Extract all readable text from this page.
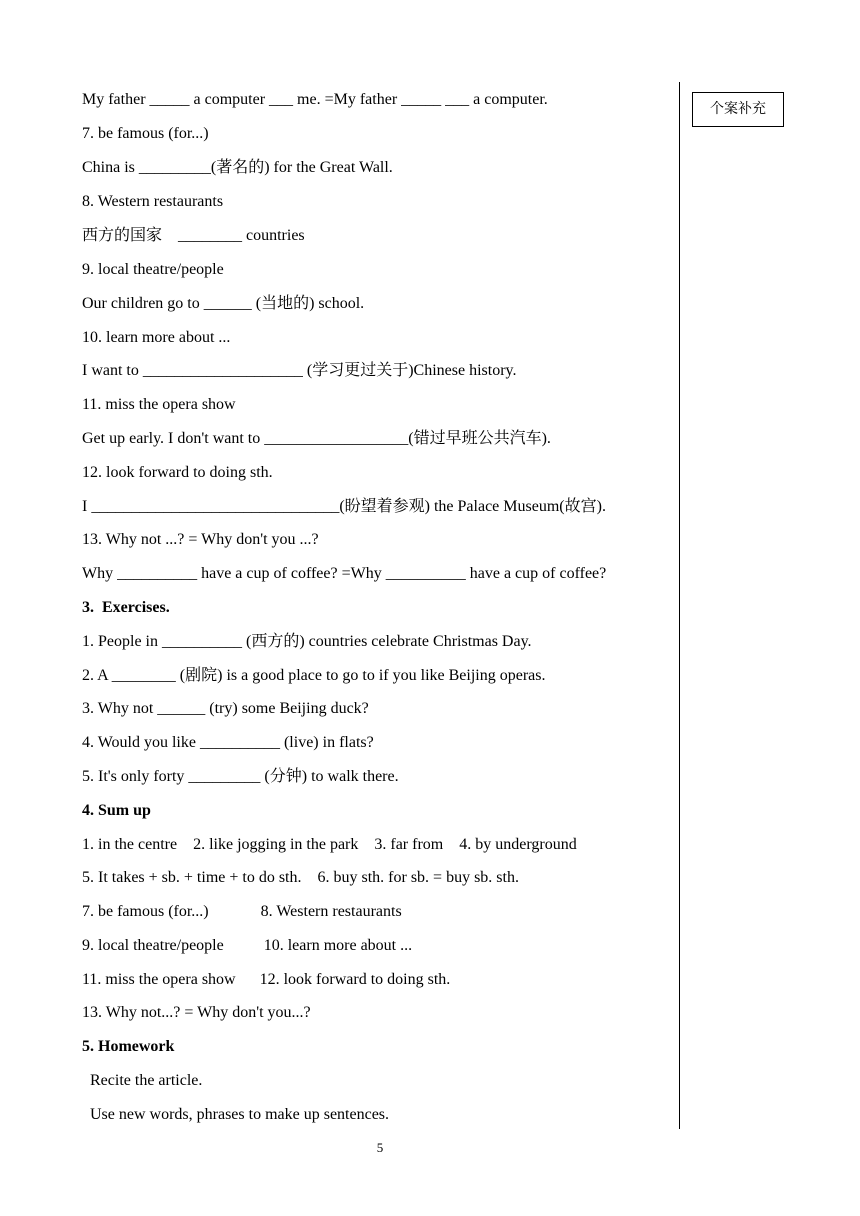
My father _____ a computer ___ me. =My father _____ ___ a computer.
7. be famous (for...)
China is _________(著名的) for the Great Wall.
8. Western restaurants
西方的国家    ________ countries
9. local theatre/people
Our children go to ______ (当地的) school.
10. learn more about ...
I want to ____________________ (学习更过关于)Chinese history.
11. miss the opera show
Get up early. I don't want to __________________(错过早班公共汽车).
12. look forward to doing sth.
I _______________________________(盼望着参观) the Palace Museum(故宫).
13. Why not ...? = Why don't you ...?
Why __________ have a cup of coffee? =Why __________ have a cup of coffee?
3.  Exercises.
1. People in __________ (西方的) countries celebrate Christmas Day.
2. A ________ (剧院) is a good place to go to if you like Beijing operas.
3. Why not ______ (try) some Beijing duck?
4. Would you like __________ (live) in flats?
5. It's only forty _________ (分钟) to walk there.
4. Sum up
1. in the centre    2. like jogging in the park    3. far from    4. by underground
5. It takes + sb. + time + to do sth.    6. buy sth. for sb. = buy sb. sth.
7. be famous (for...)             8. Western restaurants
9. local theatre/people          10. learn more about ...
11. miss the opera show      12. look forward to doing sth.
13. Why not...? = Why don't you...?
5. Homework
Recite the article.
Use new words, phrases to make up sentences.
个案补充
5
